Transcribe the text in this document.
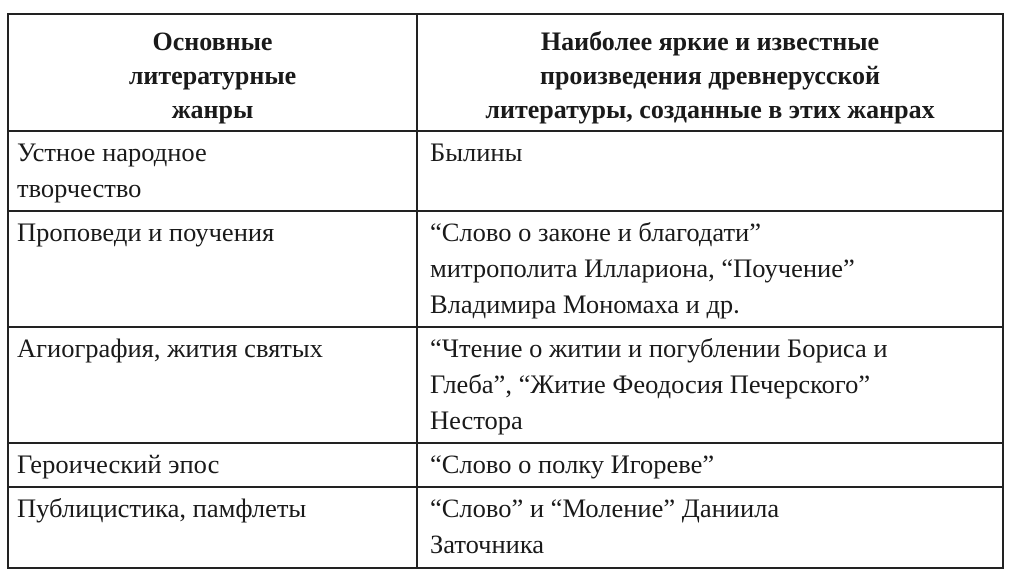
Основные
литературные
жанры	Наиболее яркие и известные
произведения древнерусской
литературы, созданные в этих жанрах

Устное народное
творчество	Былины

Проповеди и поучения	“Слово о законе и благодати”
митрополита Иллариона, “Поучение”
Владимира Мономаха и др.

Агиография, жития святых	“Чтение о житии и погублении Бориса и
Глеба”, “Житие Феодосия Печерского”
Нестора

Героический эпос	“Слово о полку Игореве”

Публицистика, памфлеты	“Слово” и “Моление” Даниила
Заточника
